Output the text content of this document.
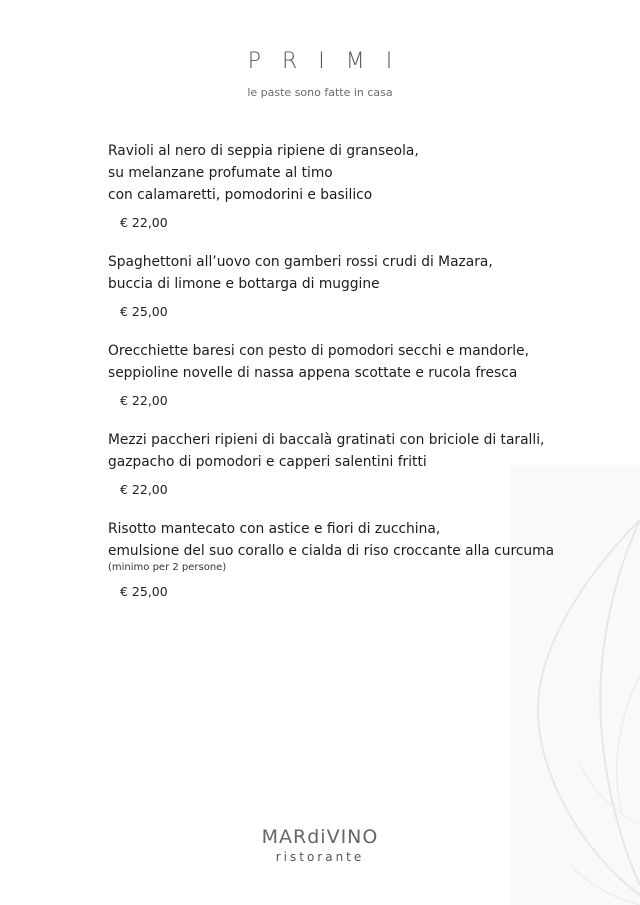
PRIMI

le paste sono fatte in casa

Ravioli al nero di seppia ripiene di granseola,
su melanzane profumate al timo
con calamaretti, pomodorini e basilico
€ 22,00
Spaghettoni all’uovo con gamberi rossi crudi di Mazara,
buccia di limone e bottarga di muggine
€ 25,00
Orecchiette baresi con pesto di pomodori secchi e mandorle,
seppioline novelle di nassa appena scottate e rucola fresca
€ 22,00
Mezzi paccheri ripieni di baccalà gratinati con briciole di taralli,
gazpacho di pomodori e capperi salentini fritti
€ 22,00
Risotto mantecato con astice e fiori di zucchina,
emulsione del suo corallo e cialda di riso croccante alla curcuma
(minimo per 2 persone)
€ 25,00
MARdiVINO
ristorante
